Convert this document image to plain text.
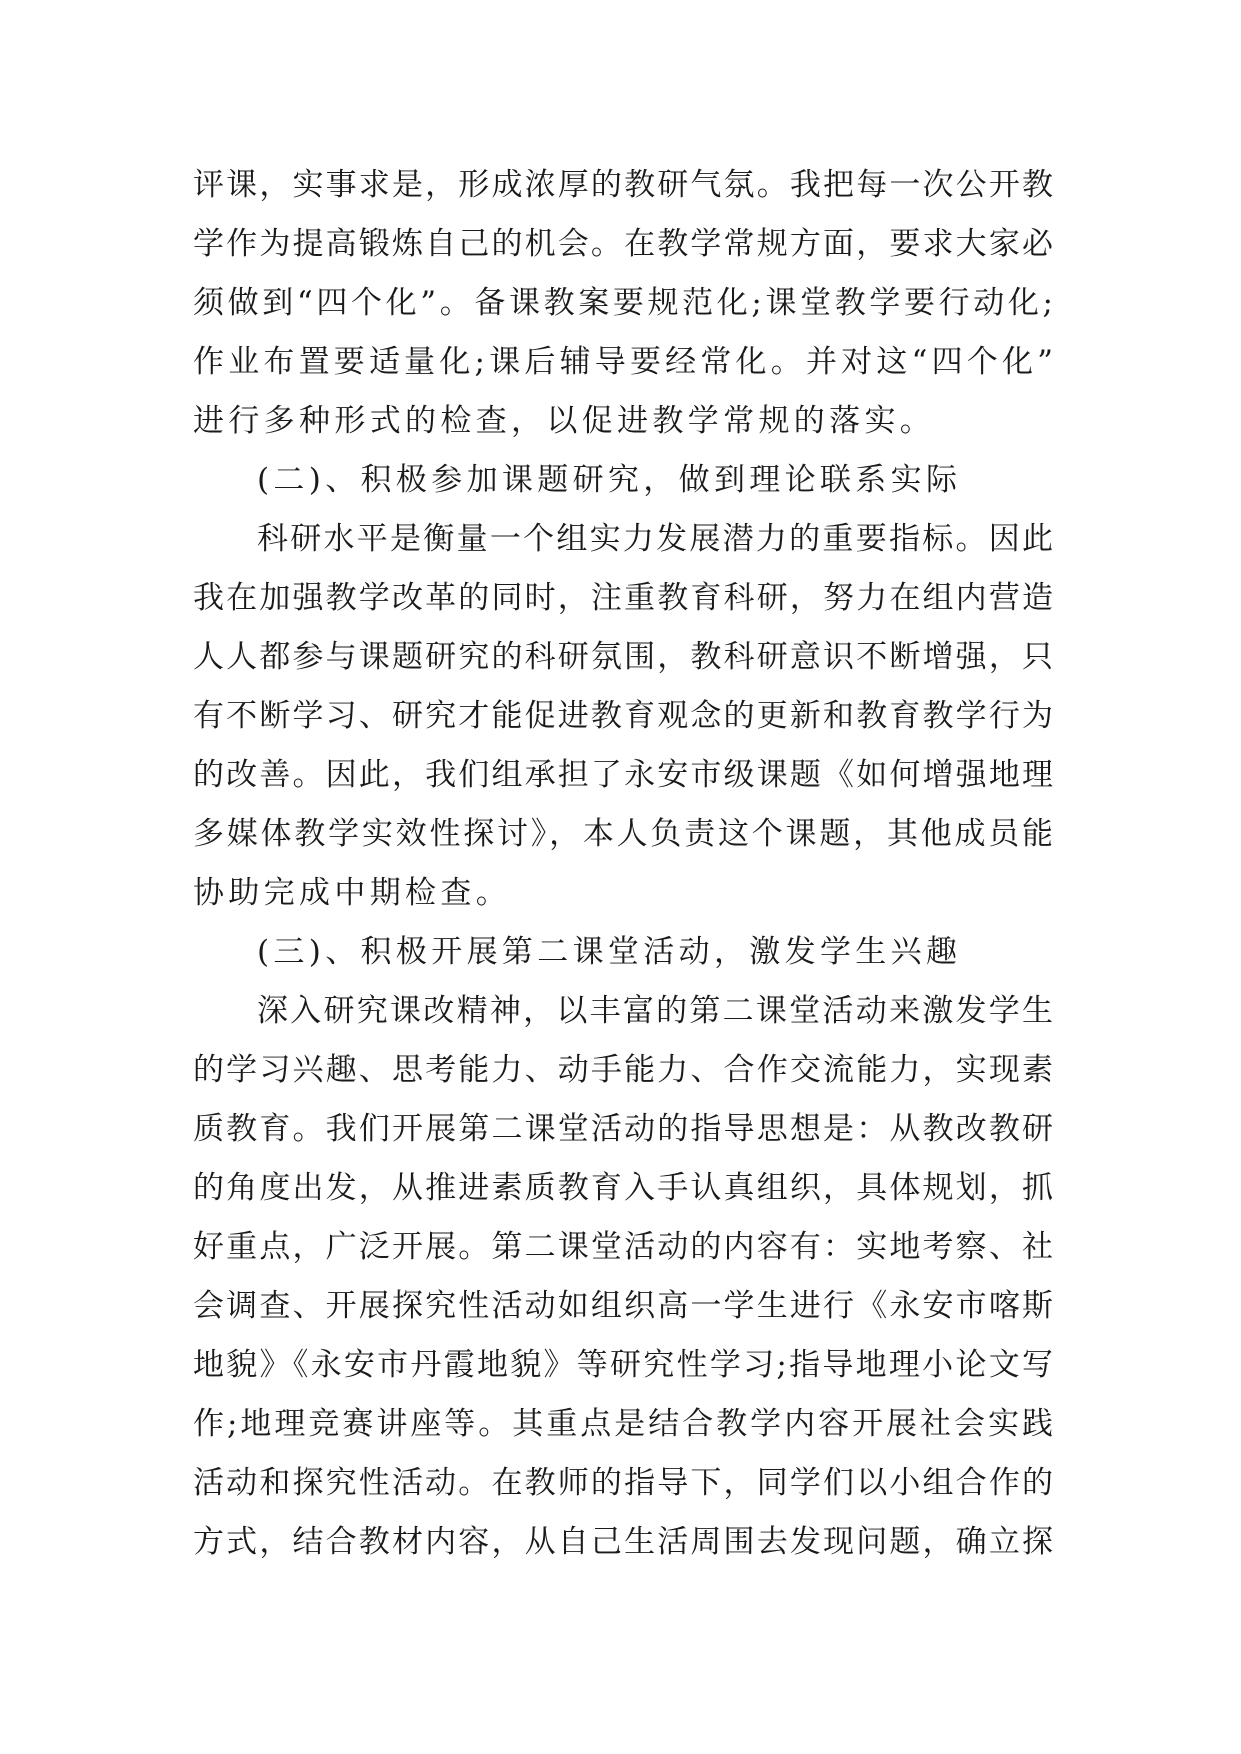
评课，实事求是，形成浓厚的教研气氛。我把每一次公开教
学作为提高锻炼自己的机会。在教学常规方面，要求大家必
须做到“四个化”。备课教案要规范化;课堂教学要行动化;
作业布置要适量化;课后辅导要经常化。并对这“四个化”
进行多种形式的检查，以促进教学常规的落实。
(二)、积极参加课题研究，做到理论联系实际
科研水平是衡量一个组实力发展潜力的重要指标。因此
我在加强教学改革的同时，注重教育科研，努力在组内营造
人人都参与课题研究的科研氛围，教科研意识不断增强，只
有不断学习、研究才能促进教育观念的更新和教育教学行为
的改善。因此，我们组承担了永安市级课题《如何增强地理
多媒体教学实效性探讨》，本人负责这个课题，其他成员能
协助完成中期检查。
(三)、积极开展第二课堂活动，激发学生兴趣
深入研究课改精神，以丰富的第二课堂活动来激发学生
的学习兴趣、思考能力、动手能力、合作交流能力，实现素
质教育。我们开展第二课堂活动的指导思想是：从教改教研
的角度出发，从推进素质教育入手认真组织，具体规划，抓
好重点，广泛开展。第二课堂活动的内容有：实地考察、社
会调查、开展探究性活动如组织高一学生进行《永安市喀斯
地貌》《永安市丹霞地貌》等研究性学习;指导地理小论文写
作;地理竞赛讲座等。其重点是结合教学内容开展社会实践
活动和探究性活动。在教师的指导下，同学们以小组合作的
方式，结合教材内容，从自己生活周围去发现问题，确立探
